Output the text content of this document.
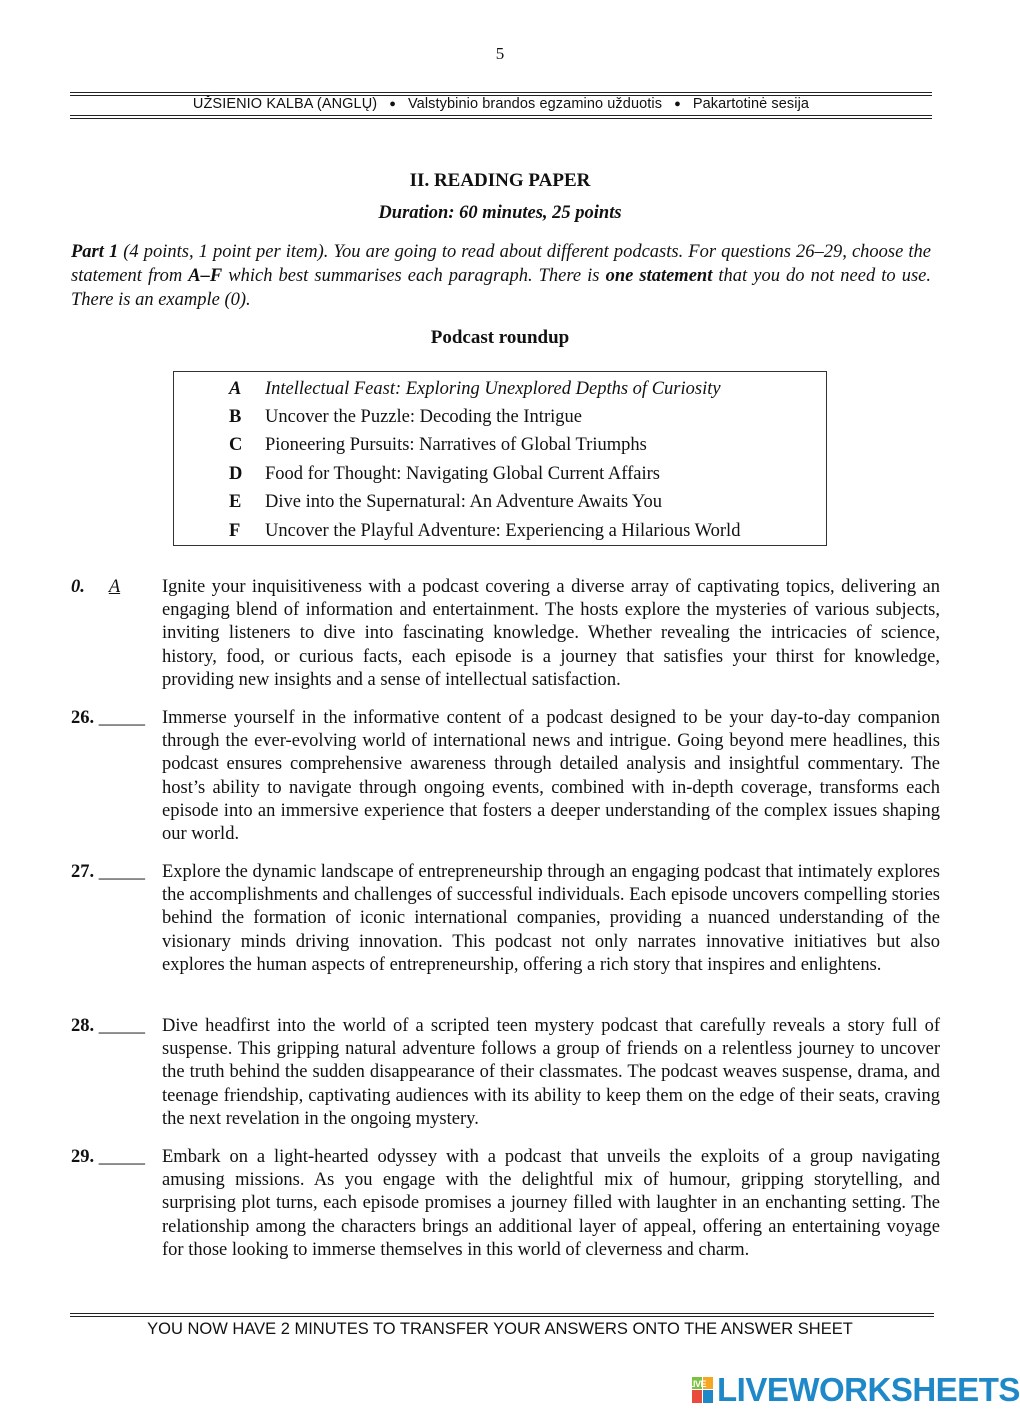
5
UŽSIENIO KALBA (ANGLŲ) ● Valstybinio brandos egzamino užduotis ● Pakartotinė sesija
II. READING PAPER
Duration: 60 minutes, 25 points
Part 1 (4 points, 1 point per item). You are going to read about different podcasts. For questions 26–29, choose the statement from A–F which best summarises each paragraph. There is one statement that you do not need to use. There is an example (0).
Podcast roundup
A Intellectual Feast: Exploring Unexplored Depths of Curiosity
B Uncover the Puzzle: Decoding the Intrigue
C Pioneering Pursuits: Narratives of Global Triumphs
D Food for Thought: Navigating Global Current Affairs
E Dive into the Supernatural: An Adventure Awaits You
F Uncover the Playful Adventure: Experiencing a Hilarious World
0. A	Ignite your inquisitiveness with a podcast covering a diverse array of captivating topics, delivering an engaging blend of information and entertainment. The hosts explore the mysteries of various subjects, inviting listeners to dive into fascinating knowledge. Whether revealing the intricacies of science, history, food, or curious facts, each episode is a journey that satisfies your thirst for knowledge, providing new insights and a sense of intellectual satisfaction.
26. _____ Immerse yourself in the informative content of a podcast designed to be your day-to-day companion through the ever-evolving world of international news and intrigue. Going beyond mere headlines, this podcast ensures comprehensive awareness through detailed analysis and insightful commentary. The host’s ability to navigate through ongoing events, combined with in-depth coverage, transforms each episode into an immersive experience that fosters a deeper understanding of the complex issues shaping our world.
27. _____ Explore the dynamic landscape of entrepreneurship through an engaging podcast that intimately explores the accomplishments and challenges of successful individuals. Each episode uncovers compelling stories behind the formation of iconic international companies, providing a nuanced understanding of the visionary minds driving innovation. This podcast not only narrates innovative initiatives but also explores the human aspects of entrepreneurship, offering a rich story that inspires and enlightens.
28. _____ Dive headfirst into the world of a scripted teen mystery podcast that carefully reveals a story full of suspense. This gripping natural adventure follows a group of friends on a relentless journey to uncover the truth behind the sudden disappearance of their classmates. The podcast weaves suspense, drama, and teenage friendship, captivating audiences with its ability to keep them on the edge of their seats, craving the next revelation in the ongoing mystery.
29. _____ Embark on a light-hearted odyssey with a podcast that unveils the exploits of a group navigating amusing missions. As you engage with the delightful mix of humour, gripping storytelling, and surprising plot turns, each episode promises a journey filled with laughter in an enchanting setting. The relationship among the characters brings an additional layer of appeal, offering an entertaining voyage for those looking to immerse themselves in this world of cleverness and charm.
YOU NOW HAVE 2 MINUTES TO TRANSFER YOUR ANSWERS ONTO THE ANSWER SHEET
LIVE LIVEWORKSHEETS
